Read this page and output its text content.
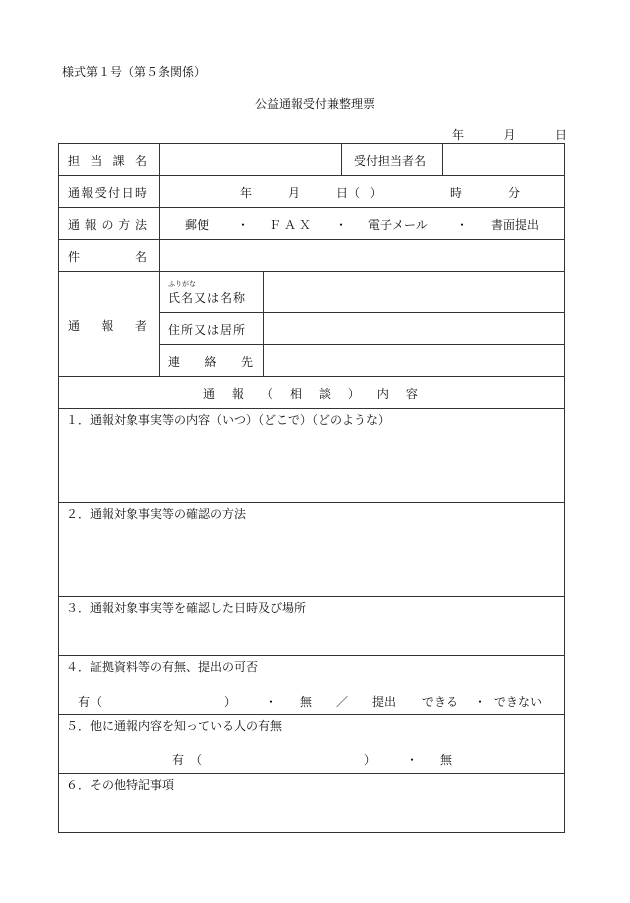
様式第１号（第５条関係）
公益通報受付兼整理票
年	月	日
担 当 課 名	受付担当者名
通 報 受 付 日 時	年	月	日（ ）	時	分
通 報 の 方 法	郵便 ・ ＦＡＸ ・ 電子メール ・ 書面提出
件	名
通 報 者
ふりがな
氏名又は名称
住所又は居所
連 絡 先
通 報 （ 相 談 ） 内 容
１．通報対象事実等の内容（いつ）（どこで）（どのような）
２．通報対象事実等の確認の方法
３．通報対象事実等を確認した日時及び場所
４．証拠資料等の有無、提出の可否
有（	） ・ 無 ／ 提出 できる ・ できない
５．他に通報内容を知っている人の有無
有　（	） ・ 無
６．その他特記事項
